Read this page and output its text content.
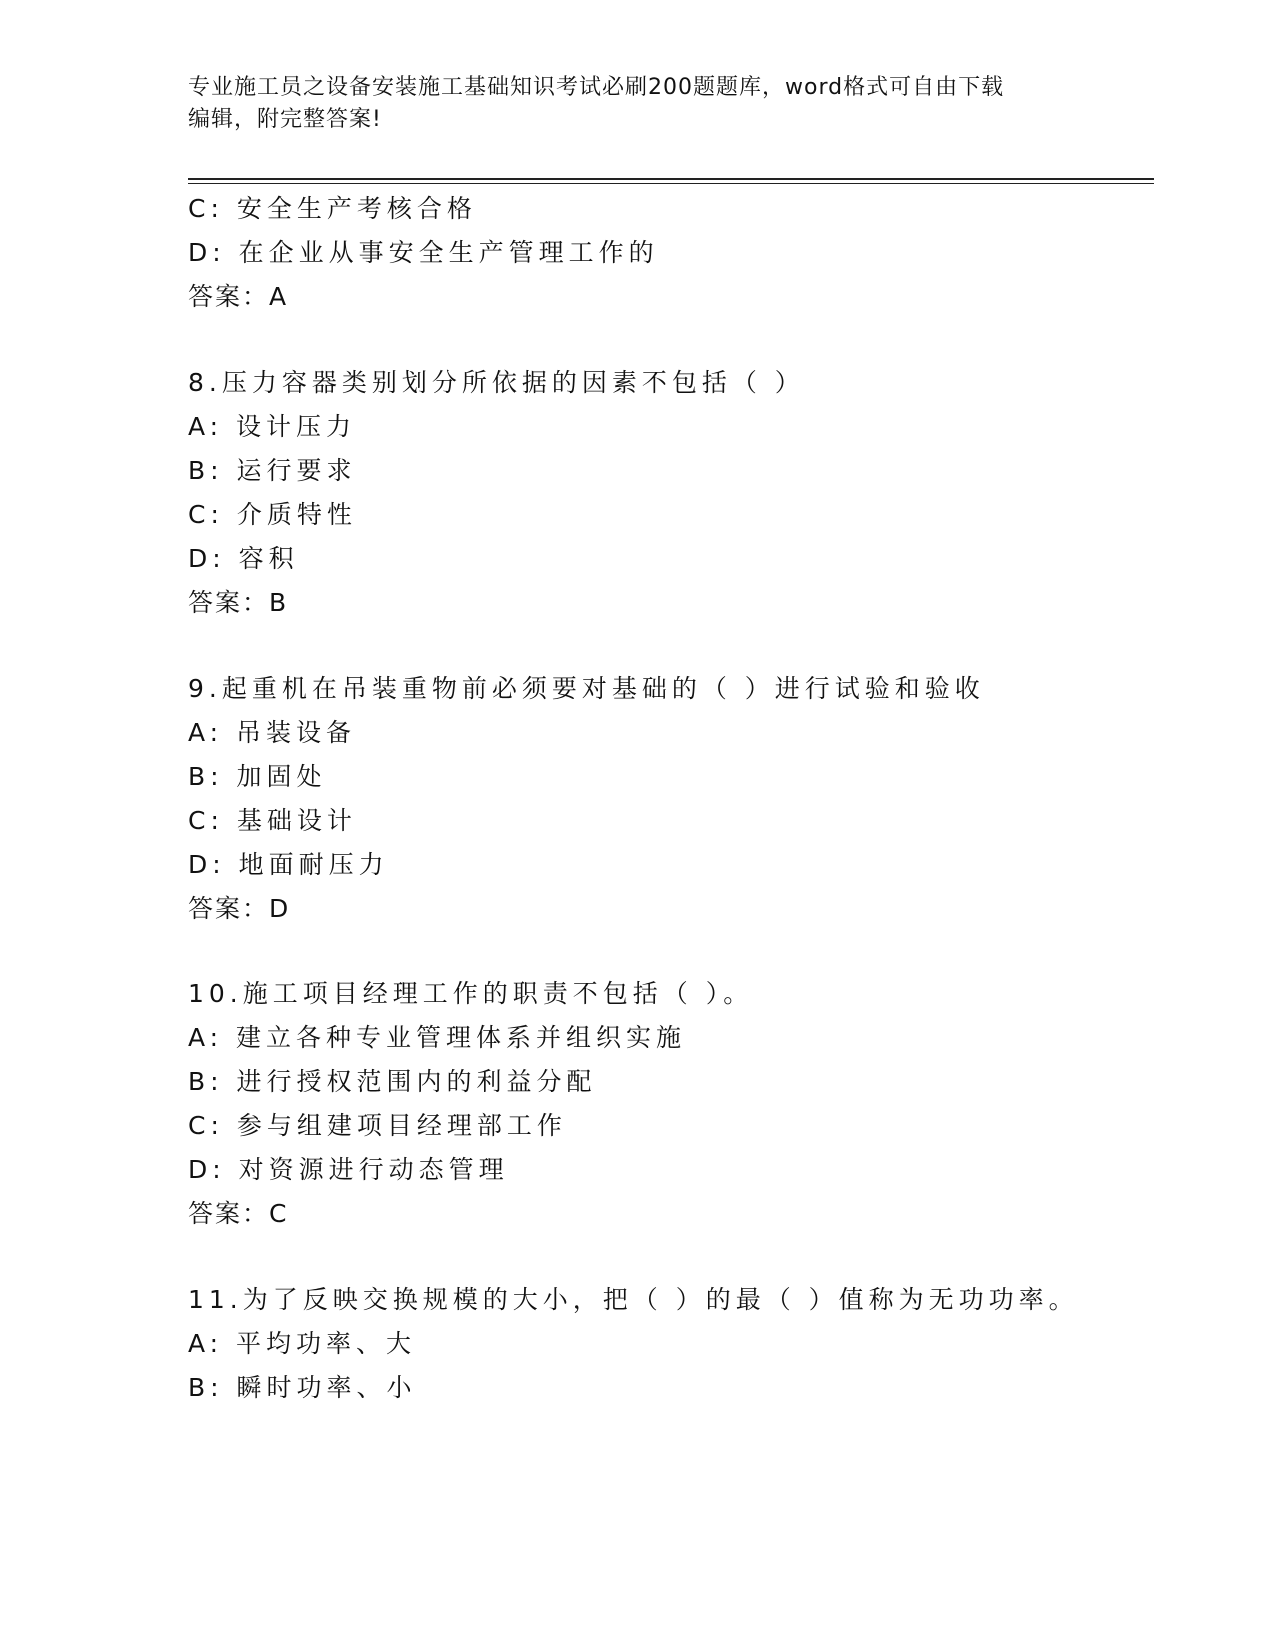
专业施工员之设备安装施工基础知识考试必刷200题题库，word格式可自由下载
编辑，附完整答案!
C: 安全生产考核合格
D: 在企业从事安全生产管理工作的
答案：A
8.压力容器类别划分所依据的因素不包括（ ）
A: 设计压力
B: 运行要求
C: 介质特性
D: 容积
答案：B
9.起重机在吊装重物前必须要对基础的（ ）进行试验和验收
A: 吊装设备
B: 加固处
C: 基础设计
D: 地面耐压力
答案：D
10.施工项目经理工作的职责不包括（ ）。
A: 建立各种专业管理体系并组织实施
B: 进行授权范围内的利益分配
C: 参与组建项目经理部工作
D: 对资源进行动态管理
答案：C
11.为了反映交换规模的大小，把（ ）的最（ ）值称为无功功率。
A: 平均功率、大
B: 瞬时功率、小
